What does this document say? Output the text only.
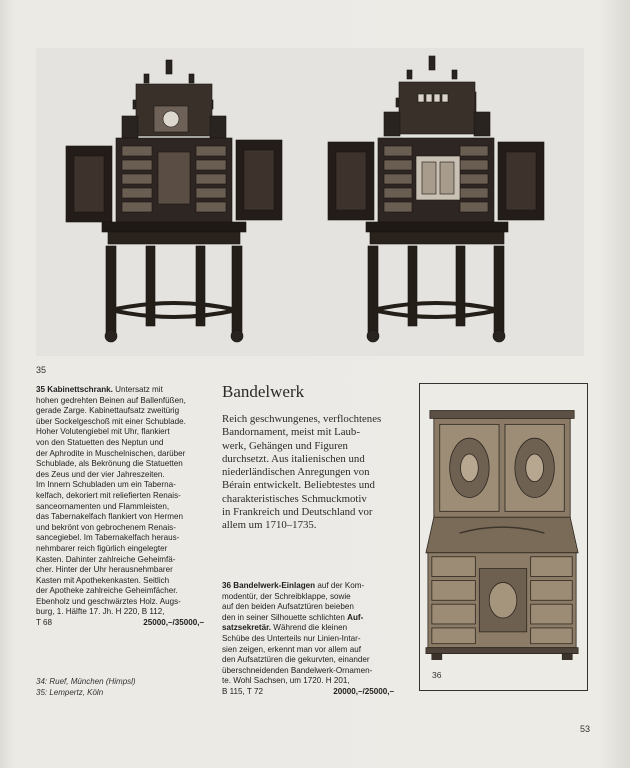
35
35 Kabinettschrank. Untersatz mit
hohen gedrehten Beinen auf Ballenfüßen,
gerade Zarge. Kabinettaufsatz zweitürig
über Sockelgeschoß mit einer Schublade.
Hoher Volutengiebel mit Uhr, flankiert
von den Statuetten des Neptun und
der Aphrodite in Muschelnischen, darüber
Schublade, als Bekrönung die Statuetten
des Zeus und der vier Jahreszeiten.
Im Innern Schubladen um ein Taberna-
kelfach, dekoriert mit reliefierten Renais-
sanceornamenten und Flammleisten,
das Tabernakelfach flankiert von Hermen
und bekrönt von gebrochenem Renais-
sancegiebel. Im Tabernakelfach heraus-
nehmbarer reich figürlich eingelegter
Kasten. Dahinter zahlreiche Geheimfä-
cher. Hinter der Uhr herausnehmbarer
Kasten mit Apothekenkasten. Seitlich
der Apotheke zahlreiche Geheimfächer.
Ebenholz und geschwärztes Holz. Augs-
burg, 1. Hälfte 17. Jh. H 220, B 112,
T 68	25000,–/35000,–
Bandelwerk
Reich geschwungenes, verflochtenes
Bandornament, meist mit Laub-
werk, Gehängen und Figuren
durchsetzt. Aus italienischen und
niederländischen Anregungen von
Bérain entwickelt. Beliebtestes und
charakteristisches Schmuckmotiv
in Frankreich und Deutschland vor
allem um 1710–1735.
36 Bandelwerk-Einlagen auf der Kom-
modentür, der Schreibklappe, sowie
auf den beiden Aufsatztüren beieben
den in seiner Silhouette schlichten Auf-
satzsekretär. Während die kleinen
Schübe des Unterteils nur Linien-Intar-
sien zeigen, erkennt man vor allem auf
den Aufsatztüren die gekurvten, einander
überschneidenden Bandelwerk-Ornamen-
te. Wohl Sachsen, um 1720. H 201,
B 115, T 72	20000,–/25000,–
36
34: Ruef, München (Himpsl)
35: Lempertz, Köln
53
